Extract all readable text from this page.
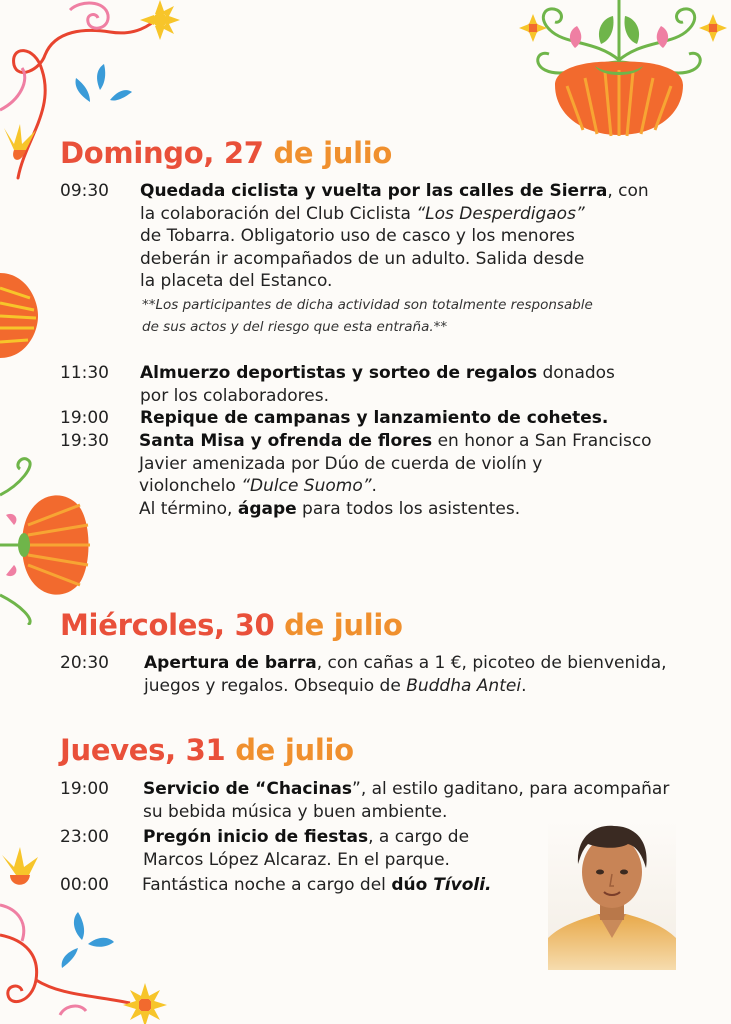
Domingo, 27 de julio
09:30 Quedada ciclista y vuelta por las calles de Sierra, con
la colaboración del Club Ciclista “Los Desperdigaos”
de Tobarra. Obligatorio uso de casco y los menores
deberán ir acompañados de un adulto. Salida desde
la placeta del Estanco.
**Los participantes de dicha actividad son totalmente responsable
de sus actos y del riesgo que esta entraña.**
11:30 Almuerzo deportistas y sorteo de regalos donados
por los colaboradores.
19:00 Repique de campanas y lanzamiento de cohetes.
19:30 Santa Misa y ofrenda de flores en honor a San Francisco
Javier amenizada por Dúo de cuerda de violín y
violonchelo “Dulce Suomo”.
Al término, ágape para todos los asistentes.
Miércoles, 30 de julio
20:30 Apertura de barra, con cañas a 1 €, picoteo de bienvenida,
juegos y regalos. Obsequio de Buddha Antei.
Jueves, 31 de julio
19:00 Servicio de “Chacinas”, al estilo gaditano, para acompañar
su bebida música y buen ambiente.
23:00 Pregón inicio de fiestas, a cargo de
Marcos López Alcaraz. En el parque.
00:00 Fantástica noche a cargo del dúo Tívoli.
